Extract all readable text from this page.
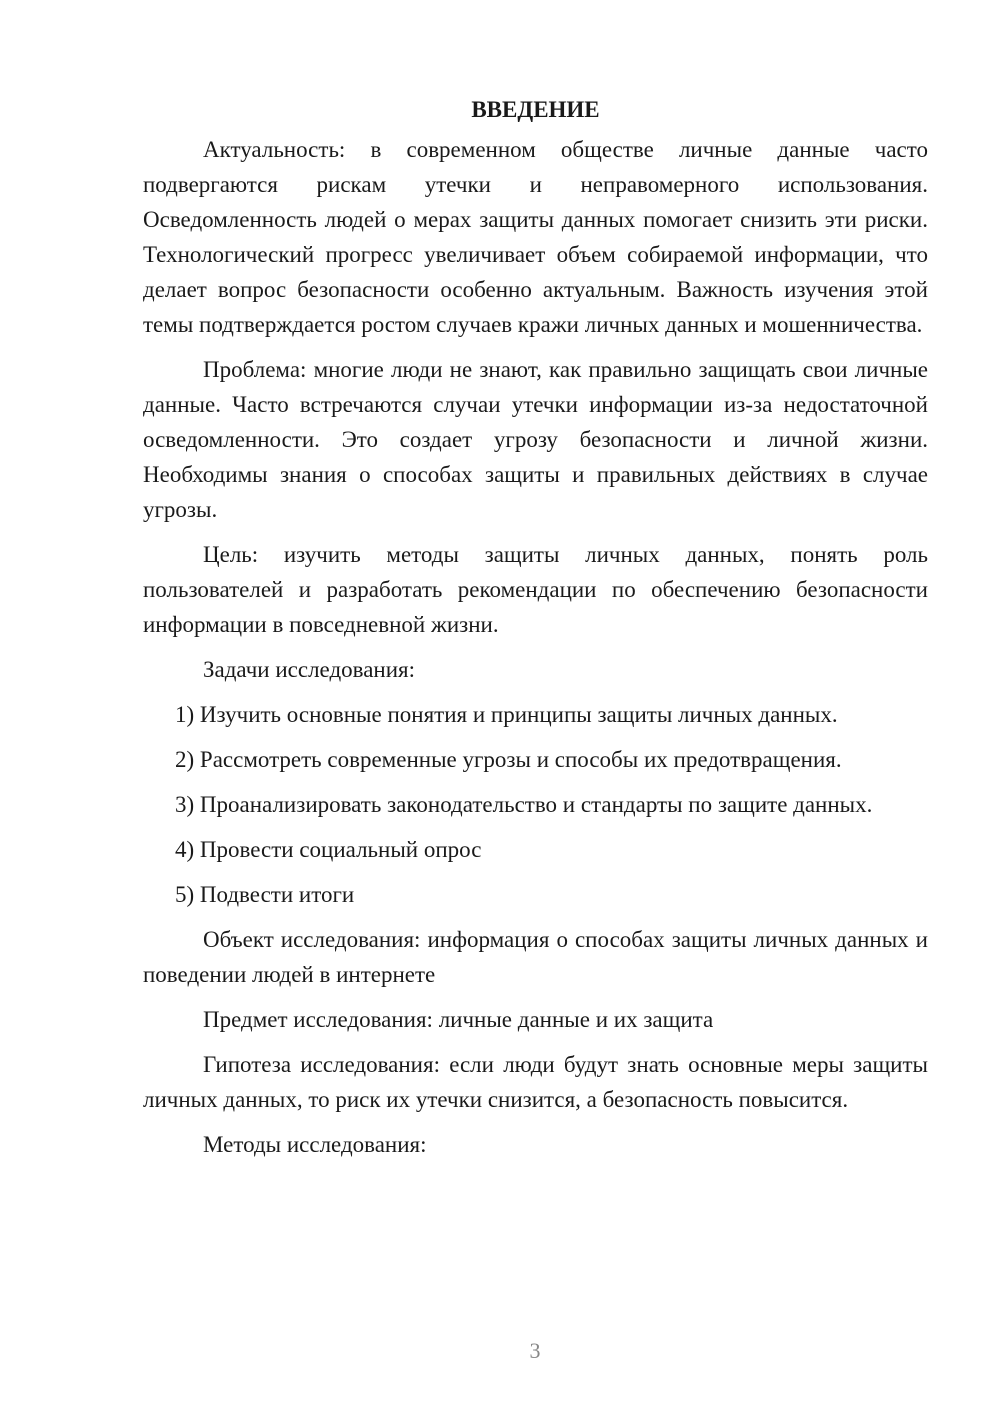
ВВЕДЕНИЕ

Актуальность: в современном обществе личные данные часто подвергаются рискам утечки и неправомерного использования. Осведомленность людей о мерах защиты данных помогает снизить эти риски. Технологический прогресс увеличивает объем собираемой информации, что делает вопрос безопасности особенно актуальным. Важность изучения этой темы подтверждается ростом случаев кражи личных данных и мошенничества.

Проблема: многие люди не знают, как правильно защищать свои личные данные. Часто встречаются случаи утечки информации из-за недостаточной осведомленности. Это создает угрозу безопасности и личной жизни. Необходимы знания о способах защиты и правильных действиях в случае угрозы.

Цель: изучить методы защиты личных данных, понять роль пользователей и разработать рекомендации по обеспечению безопасности информации в повседневной жизни.

Задачи исследования:

1) Изучить основные понятия и принципы защиты личных данных.

2) Рассмотреть современные угрозы и способы их предотвращения.

3) Проанализировать законодательство и стандарты по защите данных.

4) Провести социальный опрос

5) Подвести итоги

Объект исследования: информация о способах защиты личных данных и поведении людей в интернете

Предмет исследования: личные данные и их защита

Гипотеза исследования: если люди будут знать основные меры защиты личных данных, то риск их утечки снизится, а безопасность повысится.

Методы исследования:

3
